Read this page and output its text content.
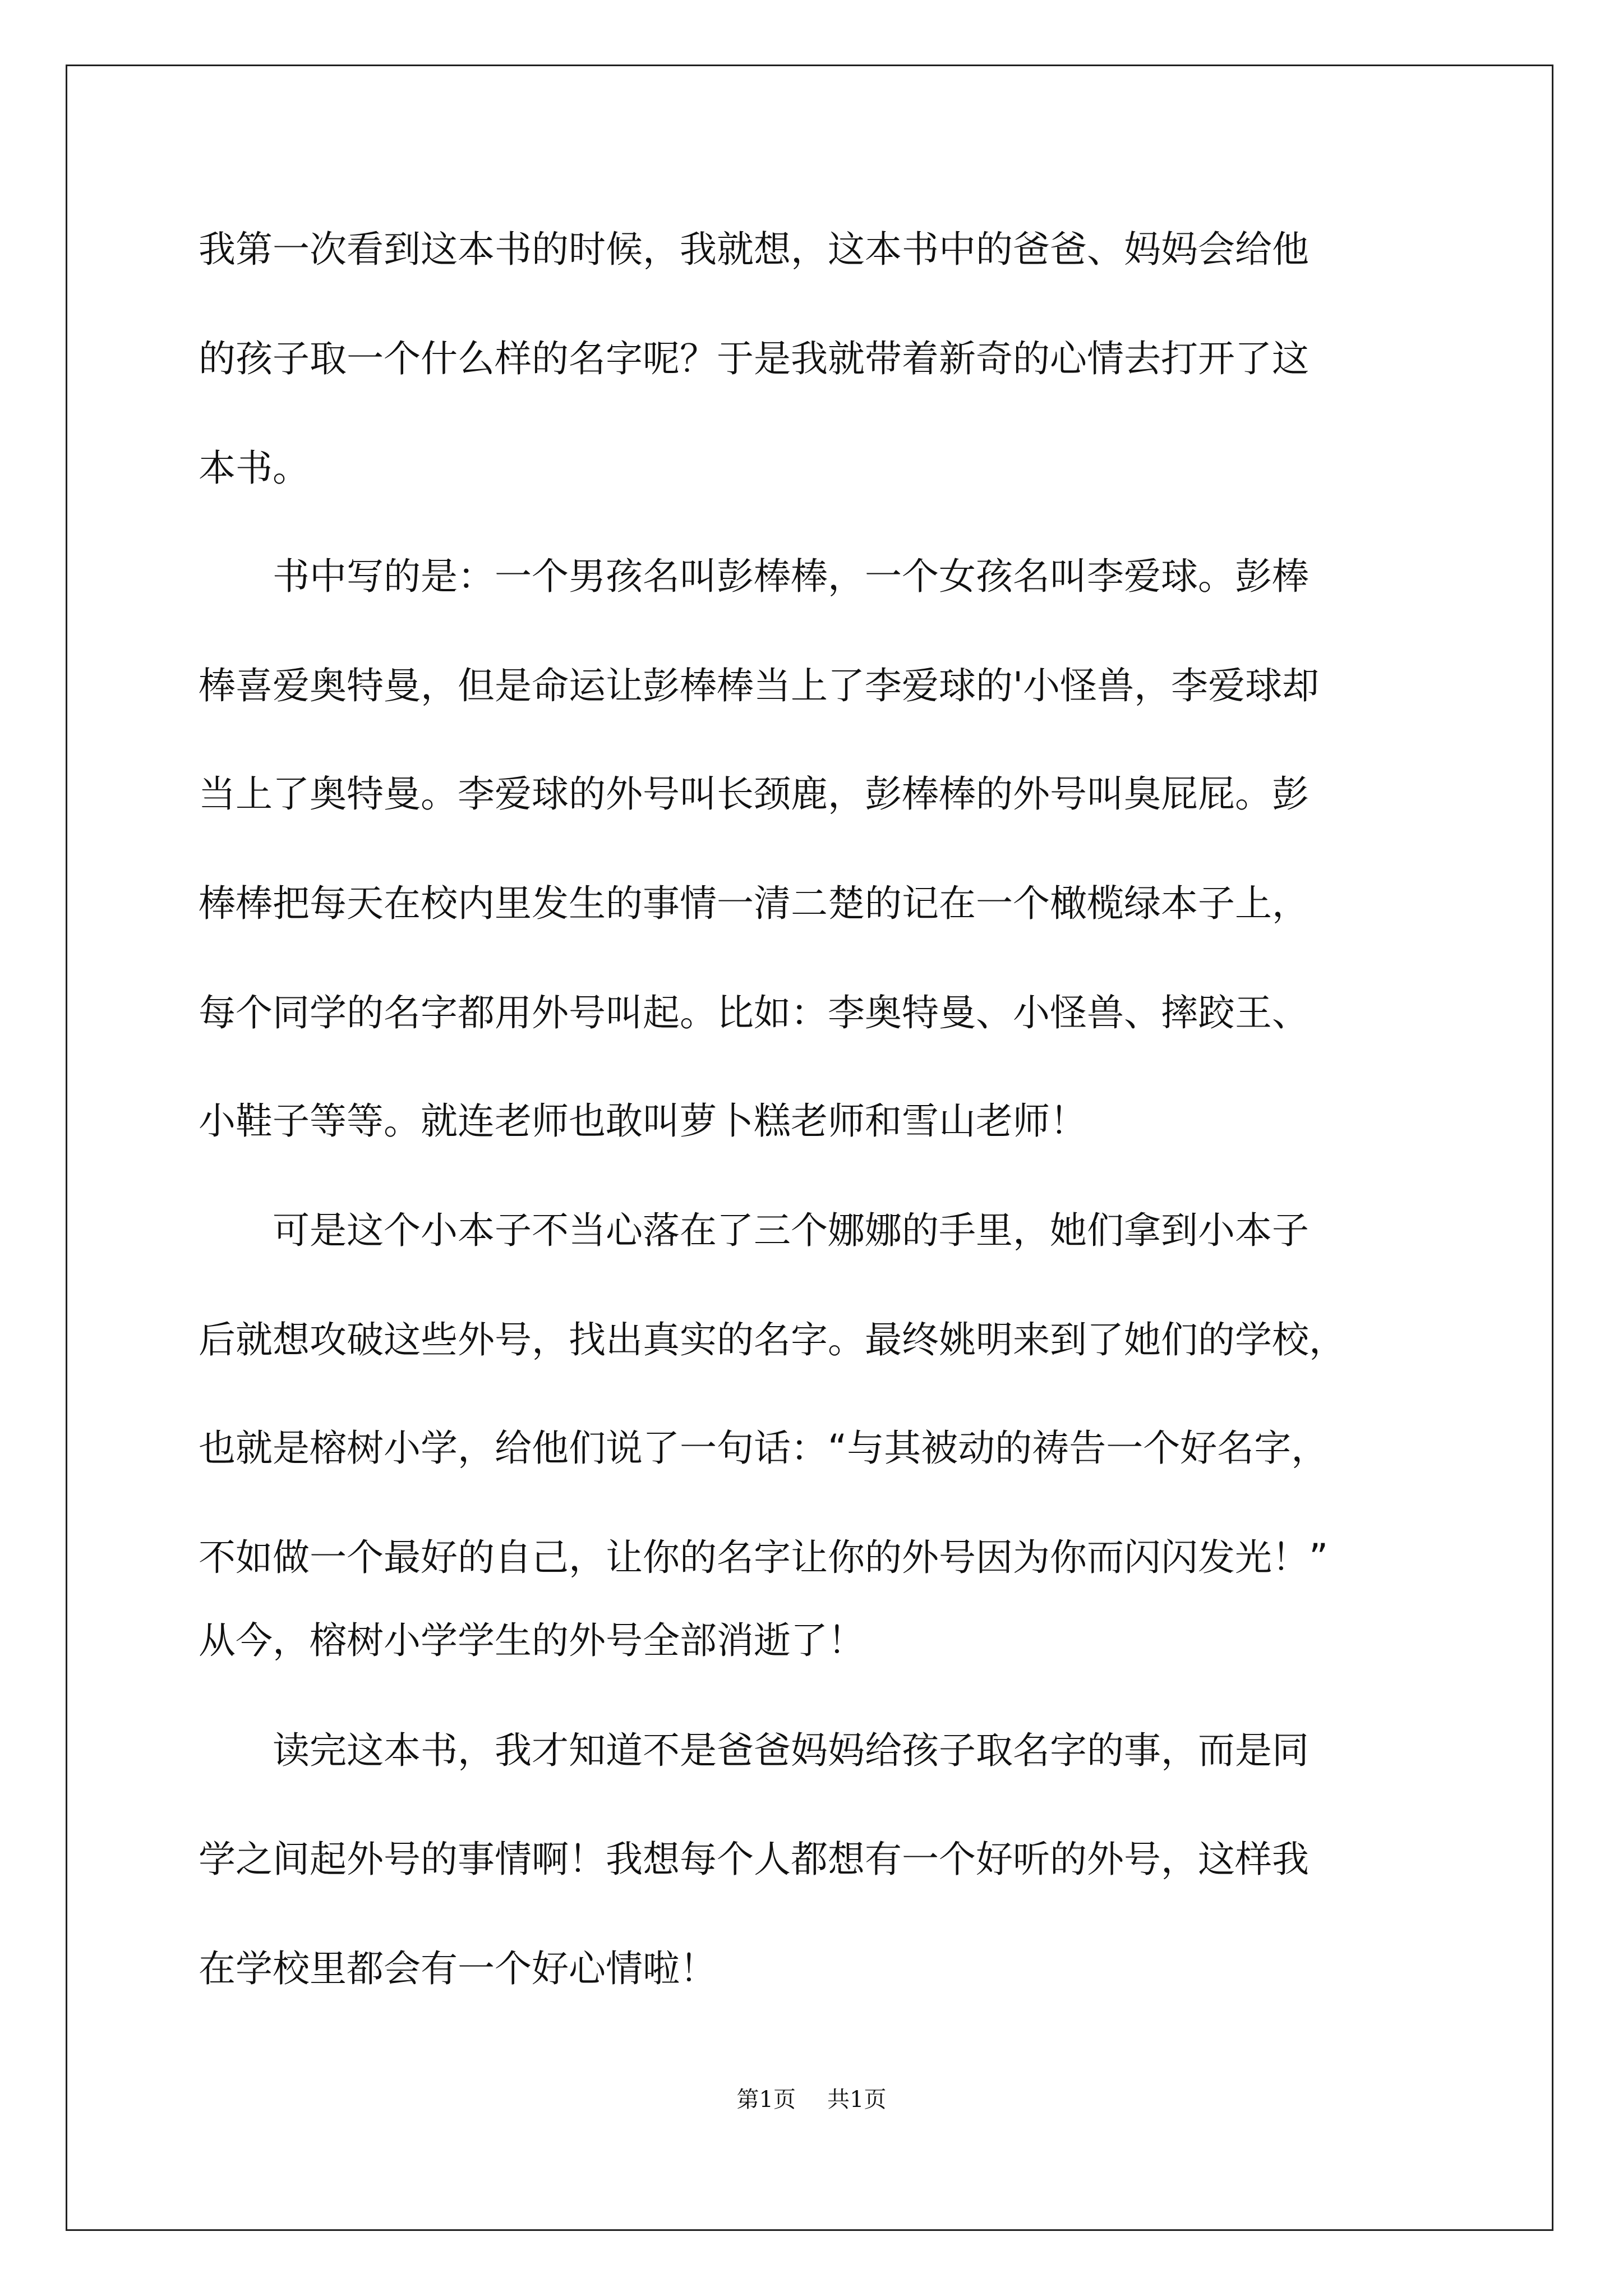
我第一次看到这本书的时候，我就想，这本书中的爸爸、妈妈会给他
的孩子取一个什么样的名字呢？于是我就带着新奇的心情去打开了这
本书。
　　书中写的是：一个男孩名叫彭棒棒，一个女孩名叫李爱球。彭棒
棒喜爱奥特曼，但是命运让彭棒棒当上了李爱球的'小怪兽，李爱球却
当上了奥特曼。李爱球的外号叫长颈鹿，彭棒棒的外号叫臭屁屁。彭
棒棒把每天在校内里发生的事情一清二楚的记在一个橄榄绿本子上，
每个同学的名字都用外号叫起。比如：李奥特曼、小怪兽、摔跤王、
小鞋子等等。就连老师也敢叫萝卜糕老师和雪山老师！
　　可是这个小本子不当心落在了三个娜娜的手里，她们拿到小本子
后就想攻破这些外号，找出真实的名字。最终姚明来到了她们的学校，
也就是榕树小学，给他们说了一句话：“与其被动的祷告一个好名字，
不如做一个最好的自己，让你的名字让你的外号因为你而闪闪发光！”
从今，榕树小学学生的外号全部消逝了！
　　读完这本书，我才知道不是爸爸妈妈给孩子取名字的事，而是同
学之间起外号的事情啊！我想每个人都想有一个好听的外号，这样我
在学校里都会有一个好心情啦！
第1页 共1页
